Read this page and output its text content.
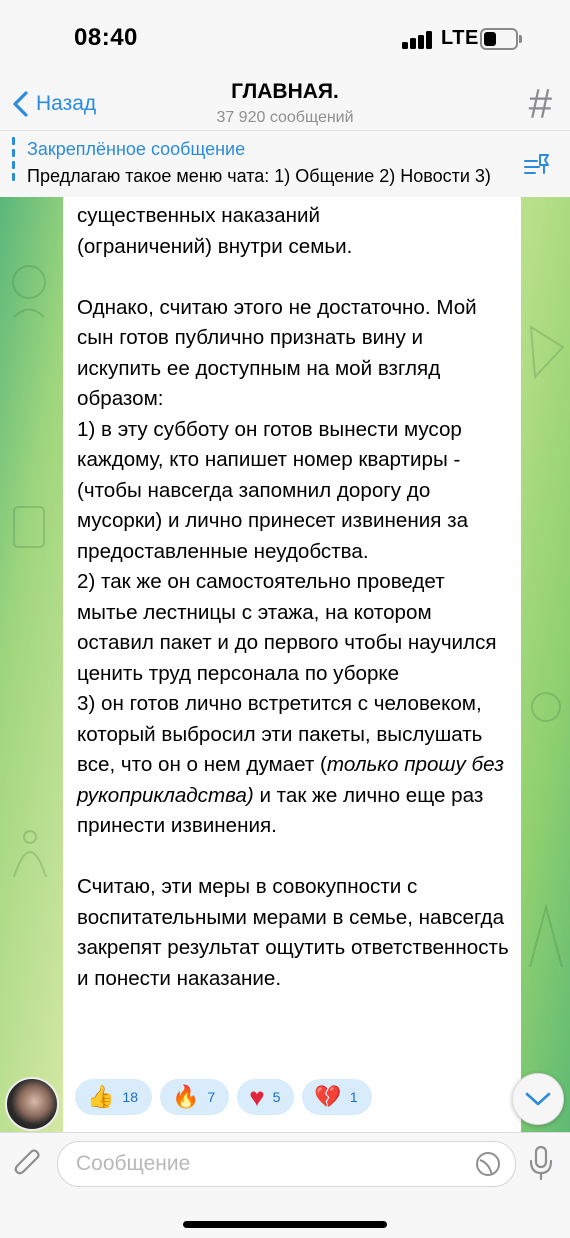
08:40	LTE
Назад
ГЛАВНАЯ.
37 920 сообщений	#
Закреплённое сообщение
Предлагаю такое меню чата: 1) Общение 2) Новости 3)
существенных наказаний
(ограничений) внутри семьи.

Однако, считаю этого не достаточно. Мой сын готов публично признать вину и искупить ее доступным на мой взгляд образом:
1) в эту субботу он готов вынести мусор каждому, кто напишет номер квартиры - (чтобы навсегда запомнил дорогу до мусорки) и лично принесет извинения за предоставленные неудобства.
2) так же он самостоятельно проведет мытье лестницы с этажа, на котором оставил пакет и до первого чтобы научился ценить труд персонала по уборке
3) он готов лично встретится с человеком, который выбросил эти пакеты, выслушать все, что он о нем думает (только прошу без рукоприкладства) и так же лично еще раз принести извинения.

Считаю, эти меры в совокупности с воспитательными мерами в семье, навсегда закрепят результат ощутить ответственность и понести наказание.
👍 18 🔥 7 ♥ 5 💔 1
Сообщение
